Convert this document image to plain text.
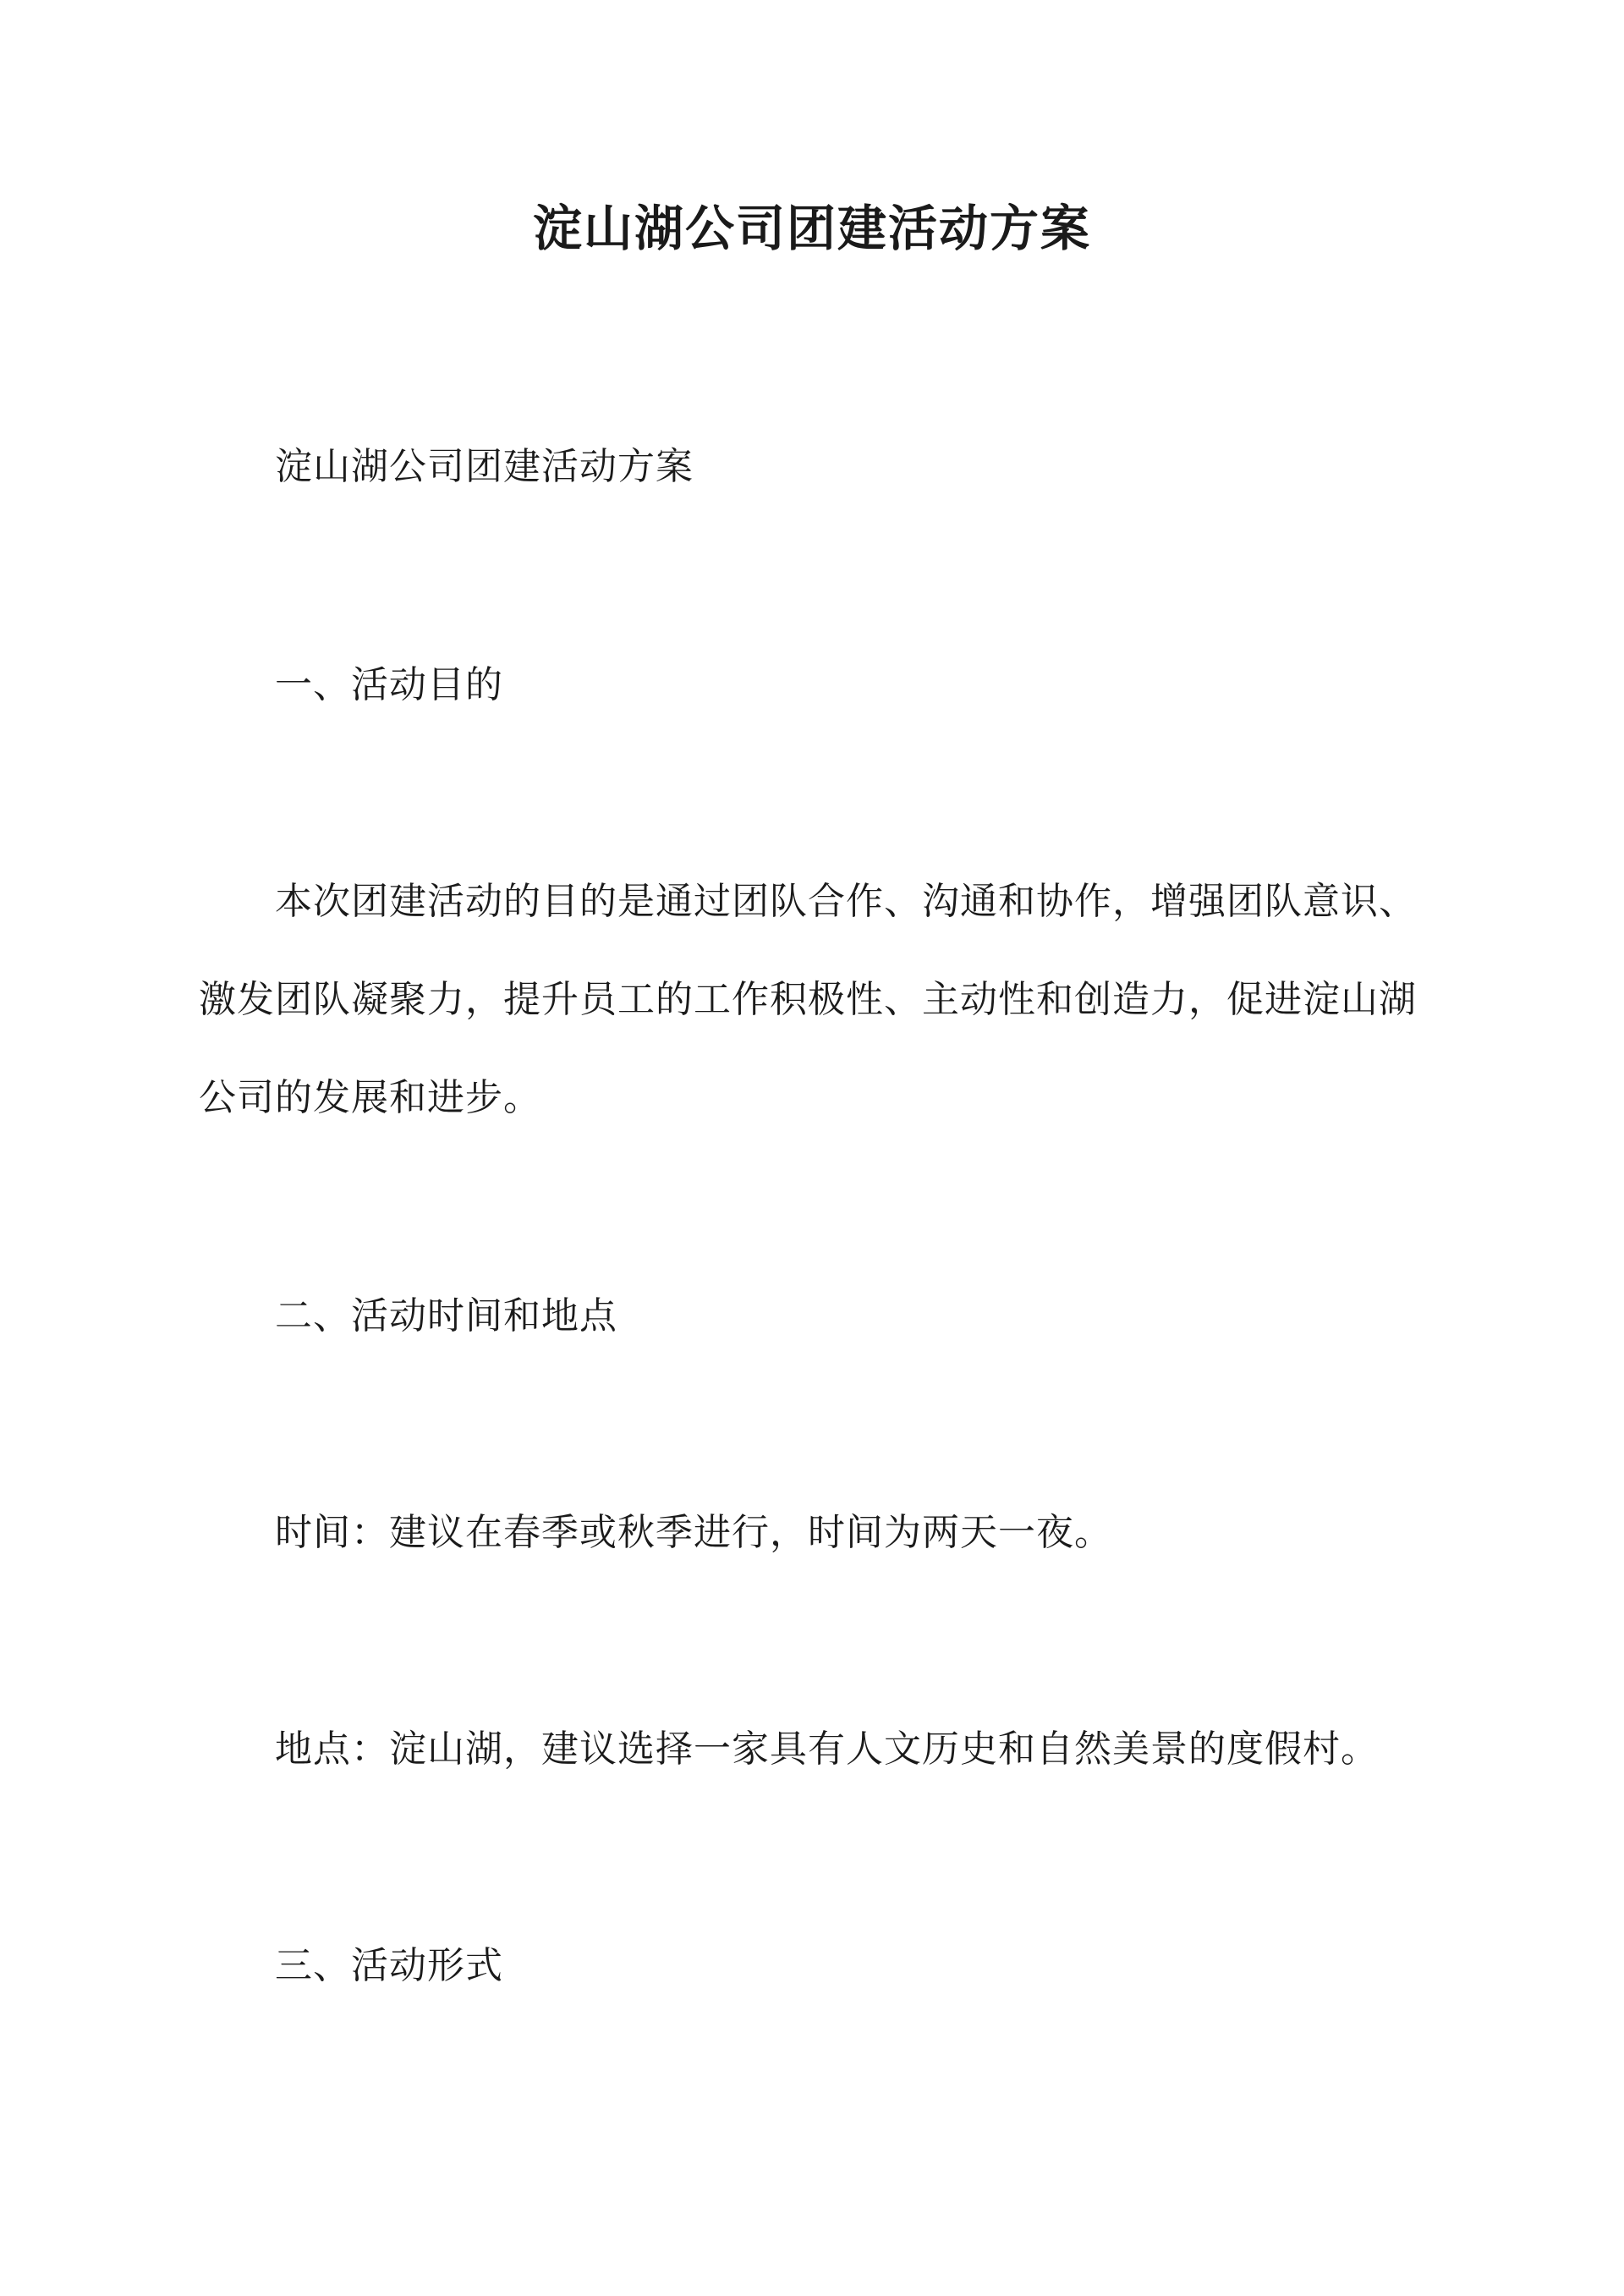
淀山湖公司团建活动方案
淀山湖公司团建活动方案
一、活动目的
本次团建活动的目的是通过团队合作、沟通和协作，增强团队意识、
激发团队凝聚力，提升员工的工作积极性、主动性和创造力，促进淀山湖
公司的发展和进步。
二、活动时间和地点
时间：建议在春季或秋季进行，时间为两天一夜。
地点：淀山湖，建议选择一家具有人文历史和自然美景的度假村。
三、活动形式
